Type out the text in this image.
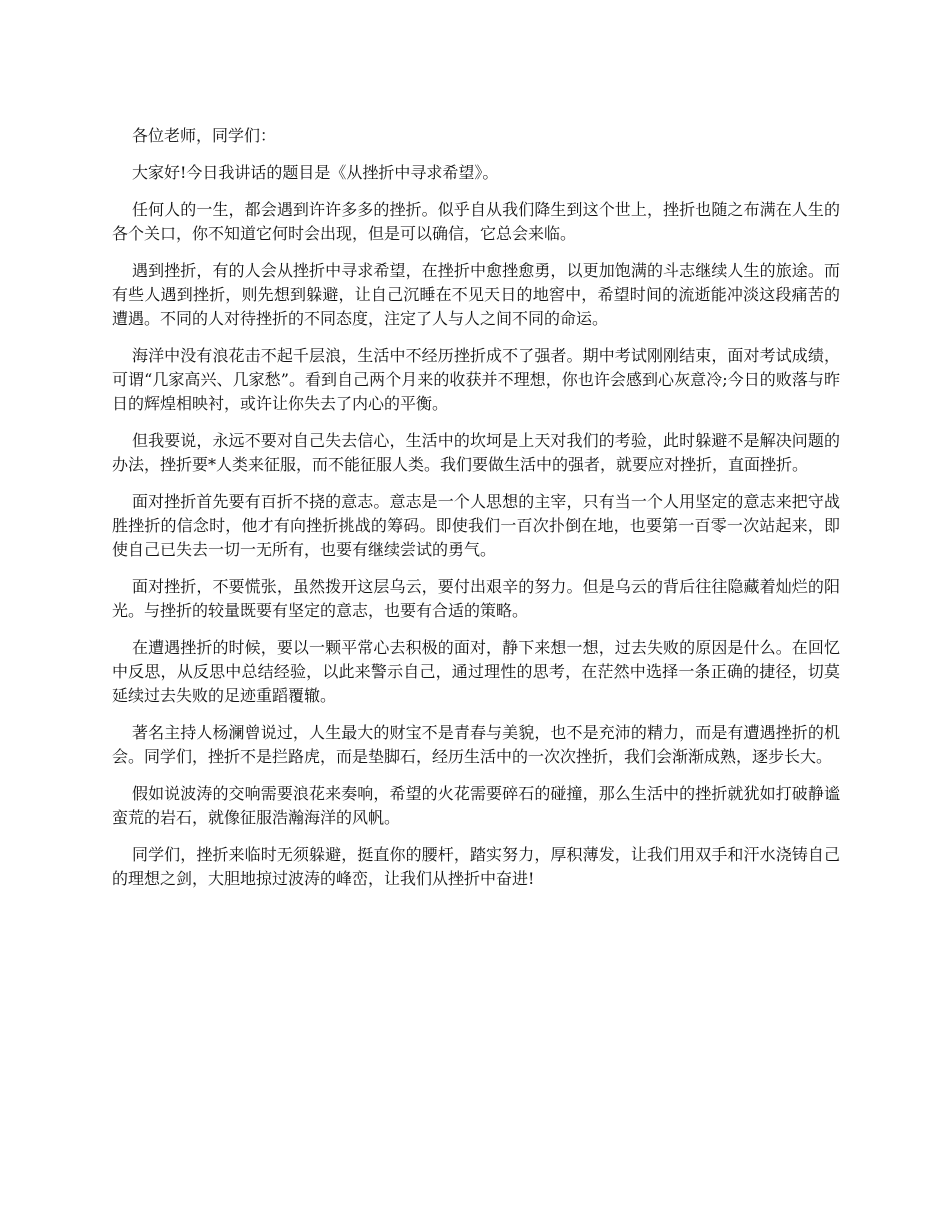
各位老师，同学们：

大家好!今日我讲话的题目是《从挫折中寻求希望》。

任何人的一生，都会遇到许许多多的挫折。似乎自从我们降生到这个世上，挫折也随之布满在人生的各个关口，你不知道它何时会出现，但是可以确信，它总会来临。

遇到挫折，有的人会从挫折中寻求希望，在挫折中愈挫愈勇，以更加饱满的斗志继续人生的旅途。而有些人遇到挫折，则先想到躲避，让自己沉睡在不见天日的地窖中，希望时间的流逝能冲淡这段痛苦的遭遇。不同的人对待挫折的不同态度，注定了人与人之间不同的命运。

海洋中没有浪花击不起千层浪，生活中不经历挫折成不了强者。期中考试刚刚结束，面对考试成绩，可谓“几家高兴、几家愁”。看到自己两个月来的收获并不理想，你也许会感到心灰意冷;今日的败落与昨日的辉煌相映衬，或许让你失去了内心的平衡。

但我要说，永远不要对自己失去信心，生活中的坎坷是上天对我们的考验，此时躲避不是解决问题的办法，挫折要*人类来征服，而不能征服人类。我们要做生活中的强者，就要应对挫折，直面挫折。

面对挫折首先要有百折不挠的意志。意志是一个人思想的主宰，只有当一个人用坚定的意志来把守战胜挫折的信念时，他才有向挫折挑战的筹码。即使我们一百次扑倒在地，也要第一百零一次站起来，即使自己已失去一切一无所有，也要有继续尝试的勇气。

面对挫折，不要慌张，虽然拨开这层乌云，要付出艰辛的努力。但是乌云的背后往往隐藏着灿烂的阳光。与挫折的较量既要有坚定的意志，也要有合适的策略。

在遭遇挫折的时候，要以一颗平常心去积极的面对，静下来想一想，过去失败的原因是什么。在回忆中反思，从反思中总结经验，以此来警示自己，通过理性的思考，在茫然中选择一条正确的捷径，切莫延续过去失败的足迹重蹈覆辙。

著名主持人杨澜曾说过，人生最大的财宝不是青春与美貌，也不是充沛的精力，而是有遭遇挫折的机会。同学们，挫折不是拦路虎，而是垫脚石，经历生活中的一次次挫折，我们会渐渐成熟，逐步长大。

假如说波涛的交响需要浪花来奏响，希望的火花需要碎石的碰撞，那么生活中的挫折就犹如打破静谧蛮荒的岩石，就像征服浩瀚海洋的风帆。

同学们，挫折来临时无须躲避，挺直你的腰杆，踏实努力，厚积薄发，让我们用双手和汗水浇铸自己的理想之剑，大胆地掠过波涛的峰峦，让我们从挫折中奋进!
